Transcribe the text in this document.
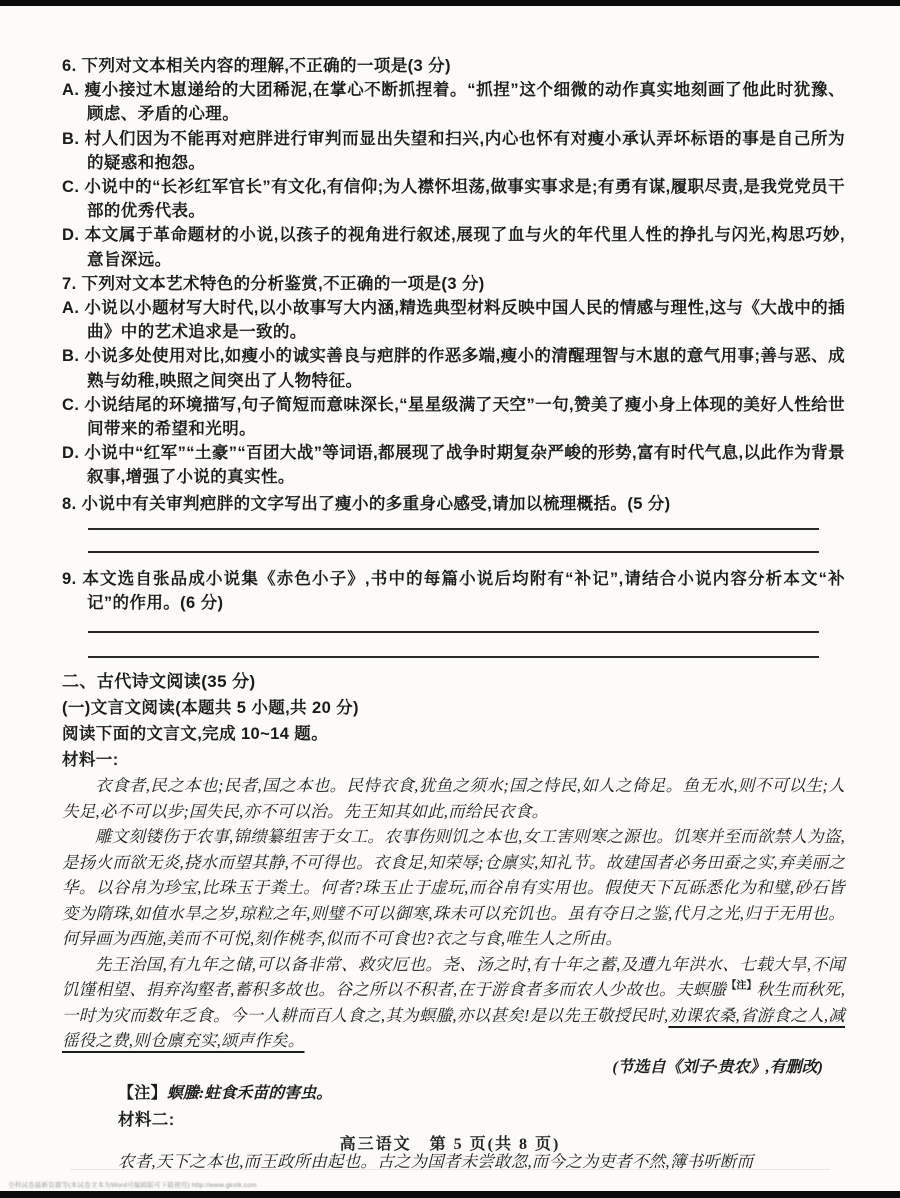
6. 下列对文本相关内容的理解,不正确的一项是(3 分)

A. 瘦小接过木崽递给的大团稀泥,在掌心不断抓捏着。“抓捏”这个细微的动作真实地刻画了他此时犹豫、顾虑、矛盾的心理。

B. 村人们因为不能再对疤胖进行审判而显出失望和扫兴,内心也怀有对瘦小承认弄坏标语的事是自己所为的疑惑和抱怨。

C. 小说中的“长衫红军官长”有文化,有信仰;为人襟怀坦荡,做事实事求是;有勇有谋,履职尽责,是我党党员干部的优秀代表。

D. 本文属于革命题材的小说,以孩子的视角进行叙述,展现了血与火的年代里人性的挣扎与闪光,构思巧妙,意旨深远。

7. 下列对文本艺术特色的分析鉴赏,不正确的一项是(3 分)

A. 小说以小题材写大时代,以小故事写大内涵,精选典型材料反映中国人民的情感与理性,这与《大战中的插曲》中的艺术追求是一致的。

B. 小说多处使用对比,如瘦小的诚实善良与疤胖的作恶多端,瘦小的清醒理智与木崽的意气用事;善与恶、成熟与幼稚,映照之间突出了人物特征。

C. 小说结尾的环境描写,句子简短而意味深长,“星星级满了天空”一句,赞美了瘦小身上体现的美好人性给世间带来的希望和光明。

D. 小说中“红军”“土豪”“百团大战”等词语,都展现了战争时期复杂严峻的形势,富有时代气息,以此作为背景叙事,增强了小说的真实性。

8. 小说中有关审判疤胖的文字写出了瘦小的多重身心感受,请加以梳理概括。(5 分)

9. 本文选自张品成小说集《赤色小子》,书中的每篇小说后均附有“补记”,请结合小说内容分析本文“补记”的作用。(6 分)

二、古代诗文阅读(35 分)

(一)文言文阅读(本题共 5 小题,共 20 分)

阅读下面的文言文,完成 10~14 题。

材料一:

衣食者,民之本也;民者,国之本也。民恃衣食,犹鱼之须水;国之恃民,如人之倚足。鱼无水,则不可以生;人失足,必不可以步;国失民,亦不可以治。先王知其如此,而给民衣食。

雕文刻镂伤于农事,锦缋纂组害于女工。农事伤则饥之本也,女工害则寒之源也。饥寒并至而欲禁人为盗,是扬火而欲无炎,挠水而望其静,不可得也。衣食足,知荣辱;仓廪实,知礼节。故建国者必务田蚕之实,弃美丽之华。以谷帛为珍宝,比珠玉于粪土。何者?珠玉止于虚玩,而谷帛有实用也。假使天下瓦砾悉化为和璧,砂石皆变为隋珠,如值水旱之岁,琼粒之年,则璧不可以御寒,珠未可以充饥也。虽有夺日之鉴,代月之光,归于无用也。何异画为西施,美而不可悦,刻作桃李,似而不可食也?衣之与食,唯生人之所由。

先王治国,有九年之储,可以备非常、救灾厄也。尧、汤之时,有十年之蓄,及遭九年洪水、七载大旱,不闻饥馑相望、捐弃沟壑者,蓄积多故也。谷之所以不积者,在于游食者多而农人少故也。夫螟螣$^{【注】}$秋生而秋死,一时为灾而数年乏食。今一人耕而百人食之,其为螟螣,亦以甚矣!是以先王敬授民时,劝课农桑,省游食之人,减徭役之费,则仓廪充实,颂声作矣。

(节选自《刘子·贵农》,有删改)

【注】螟螣:蛀食禾苗的害虫。

材料二:

农者,天下之本也,而王政所由起也。古之为国者未尝敢忽,而今之为吏者不然,簿书听断而

高三语文　第 5 页(共 8 页)
全科试卷最新资源等(本试卷文本为Word可编辑版可下载使用) http://www.gkstk.com
